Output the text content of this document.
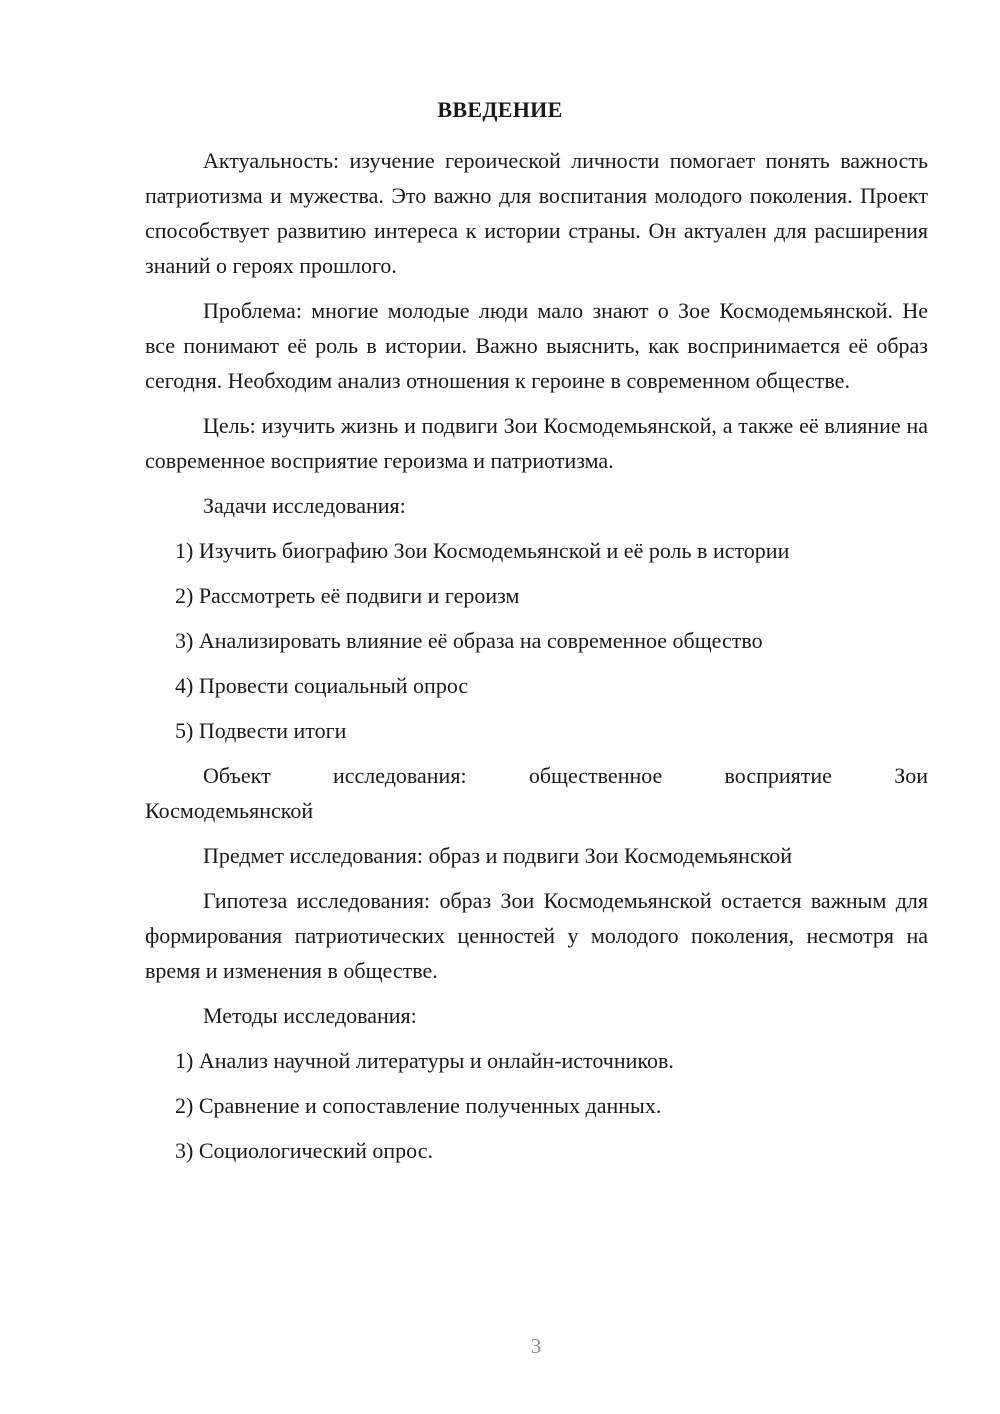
ВВЕДЕНИЕ

Актуальность: изучение героической личности помогает понять важность патриотизма и мужества. Это важно для воспитания молодого поколения. Проект способствует развитию интереса к истории страны. Он актуален для расширения знаний о героях прошлого.

Проблема: многие молодые люди мало знают о Зое Космодемьянской. Не все понимают её роль в истории. Важно выяснить, как воспринимается её образ сегодня. Необходим анализ отношения к героине в современном обществе.

Цель: изучить жизнь и подвиги Зои Космодемьянской, а также её влияние на современное восприятие героизма и патриотизма.

Задачи исследования:

1) Изучить биографию Зои Космодемьянской и её роль в истории
2) Рассмотреть её подвиги и героизм
3) Анализировать влияние её образа на современное общество
4) Провести социальный опрос
5) Подвести итоги

Объект исследования: общественное восприятие Зои
Космодемьянской

Предмет исследования: образ и подвиги Зои Космодемьянской

Гипотеза исследования: образ Зои Космодемьянской остается важным для формирования патриотических ценностей у молодого поколения, несмотря на время и изменения в обществе.

Методы исследования:

1) Анализ научной литературы и онлайн-источников.
2) Сравнение и сопоставление полученных данных.
3) Социологический опрос.
3
